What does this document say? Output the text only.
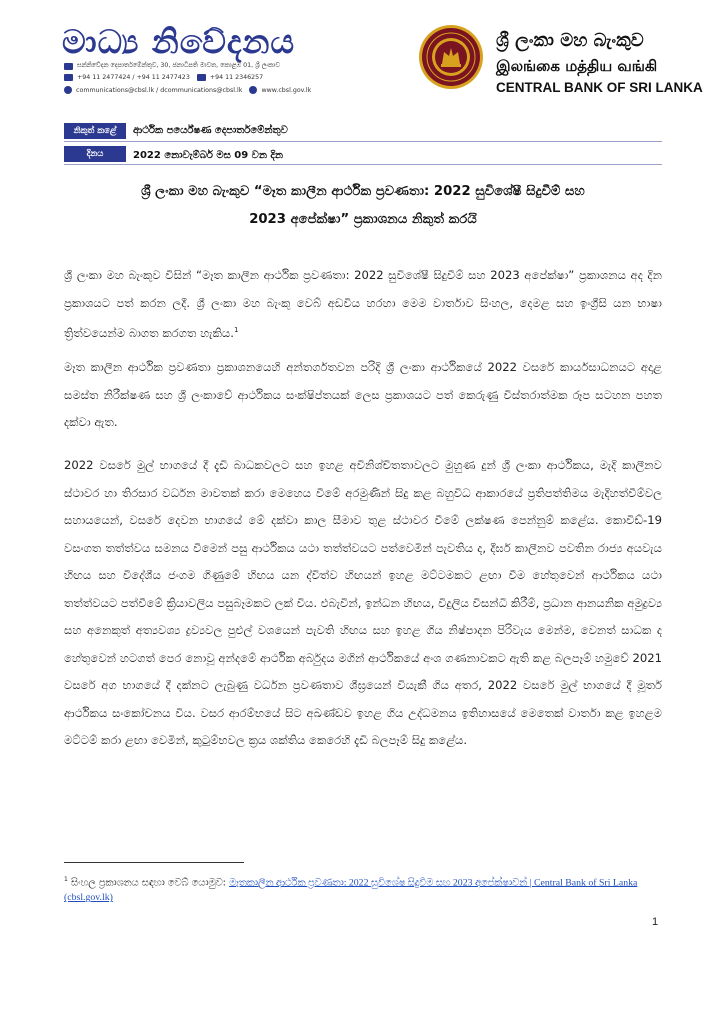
මාධ්‍ය නිවේදනය
සන්නිවේදන දෙපාර්තමේන්තුව, 30, ජනාධිපති මාවත, කොළඹ 01, ශ්‍රී ලංකාව
+94 11 2477424 / +94 11 2477423	+94 11 2346257
communications@cbsl.lk / dcommunications@cbsl.lk	www.cbsl.gov.lk
ශ්‍රී ලංකා මහ බැංකුව
இலங்கை மத்திய வங்கி
CENTRAL BANK OF SRI LANKA
නිකුත් කළේ	ආර්ථික පර්යේෂණ දෙපාර්තමේන්තුව
දිනය	2022 නොවැම්බර් මස 09 වන දින
ශ්‍රී ලංකා මහ බැංකුව “මෑත කාලීන ආර්ථික ප්‍රවණතා: 2022 සුවිශේෂී සිදුවීම් සහ
2023 අපේක්ෂා” ප්‍රකාශනය නිකුත් කරයි
ශ්‍රී ලංකා මහ බැංකුව විසින් “මෑත කාලීන ආර්ථික ප්‍රවණතා: 2022 සුවිශේෂී සිදුවීම් සහ 2023 අපේක්ෂා” ප්‍රකාශනය අද දින ප්‍රකාශයට පත් කරන ලදී. ශ්‍රී ලංකා මහ බැංකු වෙබ් අඩවිය හරහා මෙම වාර්තාව සිංහල, දෙමළ සහ ඉංග්‍රීසි යන භාෂා ත්‍රිත්වයෙන්ම බාගත කරගත හැකිය.$^1$
මෑත කාලීන ආර්ථික ප්‍රවණතා ප්‍රකාශනයෙහි අන්තර්ගතවන පරිදි ශ්‍රී ලංකා ආර්ථිකයේ 2022 වසරේ කාර්යසාධනයට අදාළ සමස්ත නිරීක්ෂණ සහ ශ්‍රී ලංකාවේ ආර්ථිකය සංක්ෂිප්තයක් ලෙස ප්‍රකාශයට පත් කෙරුණු විස්තරාත්මක රූප සටහන පහත දක්වා ඇත.
2022 වසරේ මුල් භාගයේ දී දැඩි බාධකවලට සහ ඉහළ අවිනිශ්චිතතාවලට මුහුණ දුන් ශ්‍රී ලංකා ආර්ථිකය, මැදි කාලීනව ස්ථාවර හා තිරසාර වර්ධන මාවතක් කරා මෙහෙය වීමේ අරමුණින් සිදු කළ බහුවිධ ආකාරයේ ප්‍රතිපත්තිමය මැදිහත්වීම්වල සහායයෙන්, වසරේ දෙවන භාගයේ මේ දක්වා කාල සීමාව තුළ ස්ථාවර වීමේ ලක්ෂණ පෙන්නුම් කළේය. කොවිඩ්-19 වසංගත තත්ත්වය සමනය වීමෙන් පසු ආර්ථිකය යථා තත්ත්වයට පත්වෙමින් පැවතිය ද, දීර්ඝ කාලීනව පවතින රාජ්‍ය අයවැය හිඟය සහ විදේශීය ජංගම ගිණුමේ හිඟය යන ද්විත්ව හිඟයන් ඉහළ මට්ටමකට ළඟා වීම හේතුවෙන් ආර්ථිකය යථා තත්ත්වයට පත්වීමේ ක්‍රියාවලිය පසුබෑමකට ලක් විය. එබැවින්, ඉන්ධන හිඟය, විදුලිය විසන්ධි කිරීම්, ප්‍රධාන ආනයනික අමුද්‍රව්‍ය සහ අනෙකුත් අත්‍යවශ්‍ය ද්‍රව්‍යවල පුළුල් වශයෙන් පැවති හිඟය සහ ඉහළ ගිය නිෂ්පාදන පිරිවැය මෙන්ම, වෙනත් සාධක ද හේතුවෙන් හටගත් පෙර නොවූ අන්දමේ ආර්ථික අර්බුදය මගින් ආර්ථිකයේ අංශ ගණනාවකට ඇති කළ බලපෑම් හමුවේ 2021 වසරේ අග භාගයේ දී දක්නට ලැබුණු වර්ධන ප්‍රවණතාව ශීඝ්‍රයෙන් වියැකී ගිය අතර, 2022 වසරේ මුල් භාගයේ දී මූර්ත ආර්ථිකය සංකෝචනය විය. වසර ආරම්භයේ සිට අඛණ්ඩව ඉහළ ගිය උද්ධමනය ඉතිහාසයේ මෙතෙක් වාර්තා කළ ඉහළම මට්ටම් කරා ළඟා වෙමින්, කුටුම්භවල ක්‍රය ශක්තිය කෙරෙහි දැඩි බලපෑම් සිදු කළේය.
$^1$ සිංහල ප්‍රකාශනය සඳහා වෙබ් යොමුව: මෑතකාලීන ආර්ථික ප්‍රවණතා: 2022 සුවිශේෂ සිදුවීම සහ 2023 අපේක්ෂාවන් | Central Bank of Sri Lanka (cbsl.gov.lk)
1
